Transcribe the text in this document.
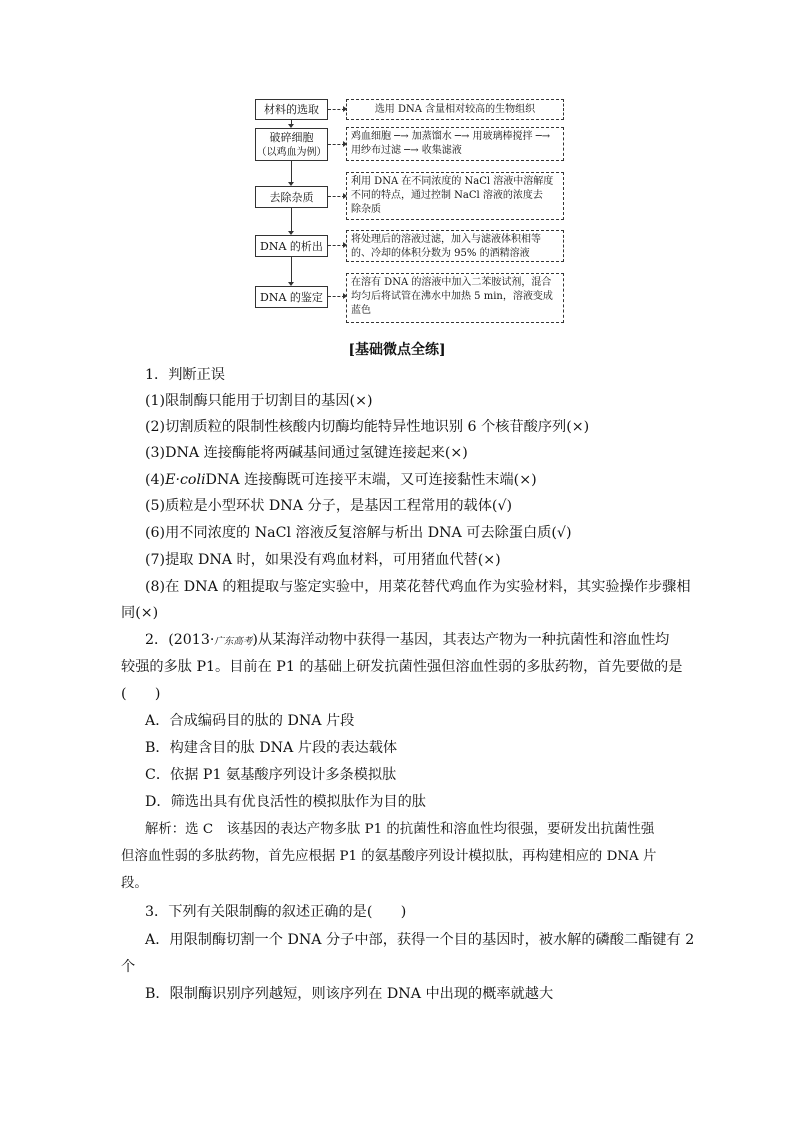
材料的选取
破碎细胞
（以鸡血为例）
去除杂质
DNA 的析出
DNA 的鉴定
选用 DNA 含量相对较高的生物组织
鸡血细胞 ─→ 加蒸馏水 ─→ 用玻璃棒搅拌 ─→
用纱布过滤 ─→ 收集滤液
利用 DNA 在不同浓度的 NaCl 溶液中溶解度
不同的特点，通过控制 NaCl 溶液的浓度去
除杂质
将处理后的溶液过滤，加入与滤液体积相等
的、冷却的体积分数为 95% 的酒精溶液
在溶有 DNA 的溶液中加入二苯胺试剂，混合
均匀后将试管在沸水中加热 5 min，溶液变成
蓝色
[基础微点全练]
1．判断正误
(1)限制酶只能用于切割目的基因(×)
(2)切割质粒的限制性核酸内切酶均能特异性地识别 6 个核苷酸序列(×)
(3)DNA 连接酶能将两碱基间通过氢键连接起来(×)
(4)E·coliDNA 连接酶既可连接平末端，又可连接黏性末端(×)
(5)质粒是小型环状 DNA 分子，是基因工程常用的载体(√)
(6)用不同浓度的 NaCl 溶液反复溶解与析出 DNA 可去除蛋白质(√)
(7)提取 DNA 时，如果没有鸡血材料，可用猪血代替(×)
(8)在 DNA 的粗提取与鉴定实验中，用菜花替代鸡血作为实验材料，其实验操作步骤相
同(×)
2．(2013·广东高考)从某海洋动物中获得一基因，其表达产物为一种抗菌性和溶血性均
较强的多肽 P1。目前在 P1 的基础上研发抗菌性强但溶血性弱的多肽药物，首先要做的是
(　　)
A．合成编码目的肽的 DNA 片段
B．构建含目的肽 DNA 片段的表达载体
C．依据 P1 氨基酸序列设计多条模拟肽
D．筛选出具有优良活性的模拟肽作为目的肽
解析：选 C　该基因的表达产物多肽 P1 的抗菌性和溶血性均很强，要研发出抗菌性强
但溶血性弱的多肽药物，首先应根据 P1 的氨基酸序列设计模拟肽，再构建相应的 DNA 片
段。
3．下列有关限制酶的叙述正确的是(　　)
A．用限制酶切割一个 DNA 分子中部，获得一个目的基因时，被水解的磷酸二酯键有 2
个
B．限制酶识别序列越短，则该序列在 DNA 中出现的概率就越大
